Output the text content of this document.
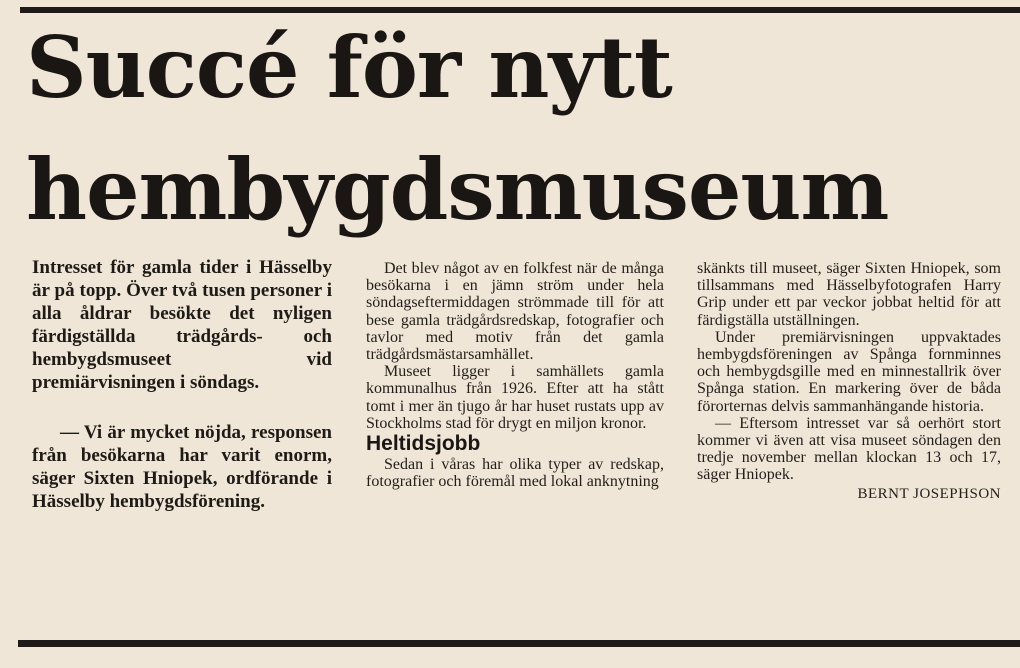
Succé för nytt
hembygdsmuseum

Intresset för gamla tider i Hässelby är på topp. Över två tusen personer i alla åldrar besökte det nyligen färdigställda trädgårds- och hembygdsmuseet vid premiärvisningen i söndags.

— Vi är mycket nöjda, responsen från besökarna har varit enorm, säger Sixten Hniopek, ordförande i Hässelby hembygdsförening.

Det blev något av en folkfest när de många besökarna i en jämn ström under hela söndagseftermiddagen strömmade till för att bese gamla trädgårdsredskap, fotografier och tavlor med motiv från det gamla trädgårdsmästarsamhället.

Museet ligger i samhällets gamla kommunalhus från 1926. Efter att ha stått tomt i mer än tjugo år har huset rustats upp av Stockholms stad för drygt en miljon kronor.

Heltidsjobb

Sedan i våras har olika typer av redskap, fotografier och föremål med lokal anknytning

skänkts till museet, säger Sixten Hniopek, som tillsammans med Hässelbyfotografen Harry Grip under ett par veckor jobbat heltid för att färdigställa utställningen.

Under premiärvisningen uppvaktades hembygdsföreningen av Spånga fornminnes och hembygdsgille med en minnestallrik över Spånga station. En markering över de båda förorternas delvis sammanhängande historia.

— Eftersom intresset var så oerhört stort kommer vi även att visa museet söndagen den tredje november mellan klockan 13 och 17, säger Hniopek.

BERNT JOSEPHSON
